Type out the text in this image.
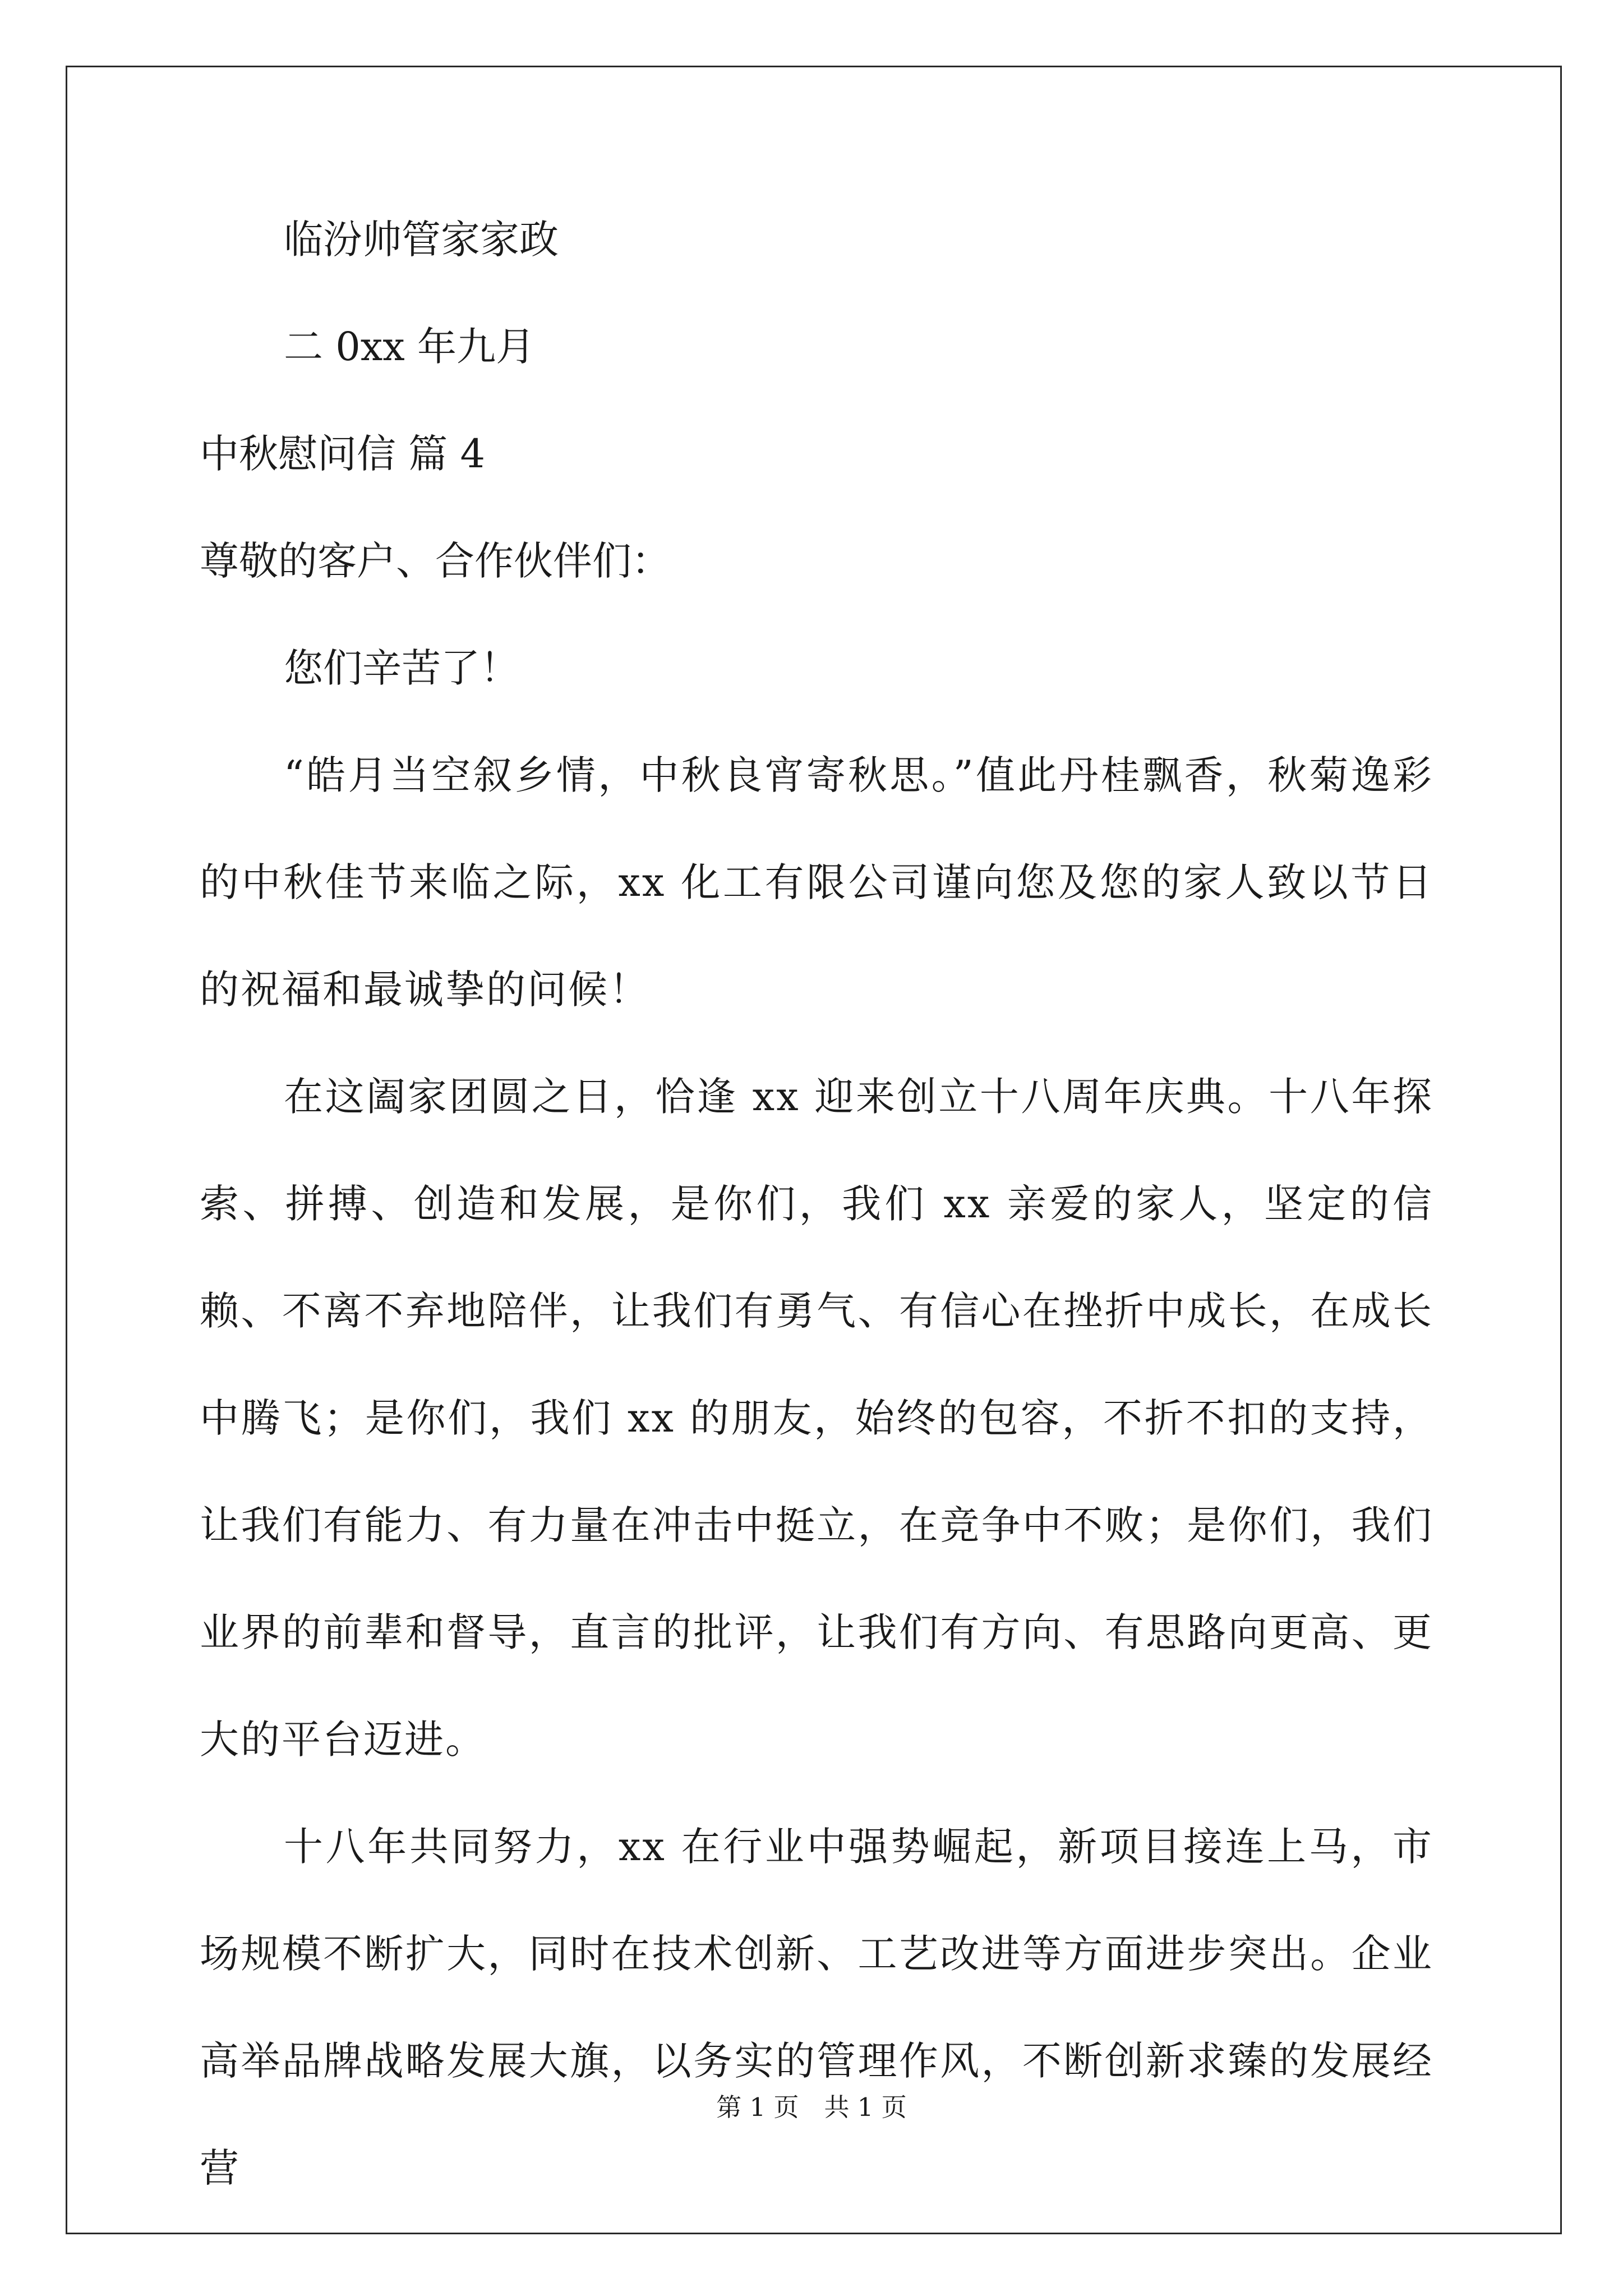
临汾帅管家家政
二 0xx 年九月
中秋慰问信 篇 4
尊敬的客户、合作伙伴们：
您们辛苦了！

“皓月当空叙乡情，中秋良宵寄秋思。”值此丹桂飘香，秋菊逸彩的中秋佳节来临之际，xx 化工有限公司谨向您及您的家人致以节日的祝福和最诚挚的问候！

在这阖家团圆之日，恰逢 xx 迎来创立十八周年庆典。十八年探索、拼搏、创造和发展，是你们，我们 xx 亲爱的家人，坚定的信赖、不离不弃地陪伴，让我们有勇气、有信心在挫折中成长，在成长中腾飞；是你们，我们 xx 的朋友，始终的包容，不折不扣的支持，让我们有能力、有力量在冲击中挺立，在竞争中不败；是你们，我们业界的前辈和督导，直言的批评，让我们有方向、有思路向更高、更大的平台迈进。

十八年共同努力，xx 在行业中强势崛起，新项目接连上马，市场规模不断扩大，同时在技术创新、工艺改进等方面进步突出。企业高举品牌战略发展大旗，以务实的管理作风，不断创新求臻的发展经营

第 1 页　共 1 页
